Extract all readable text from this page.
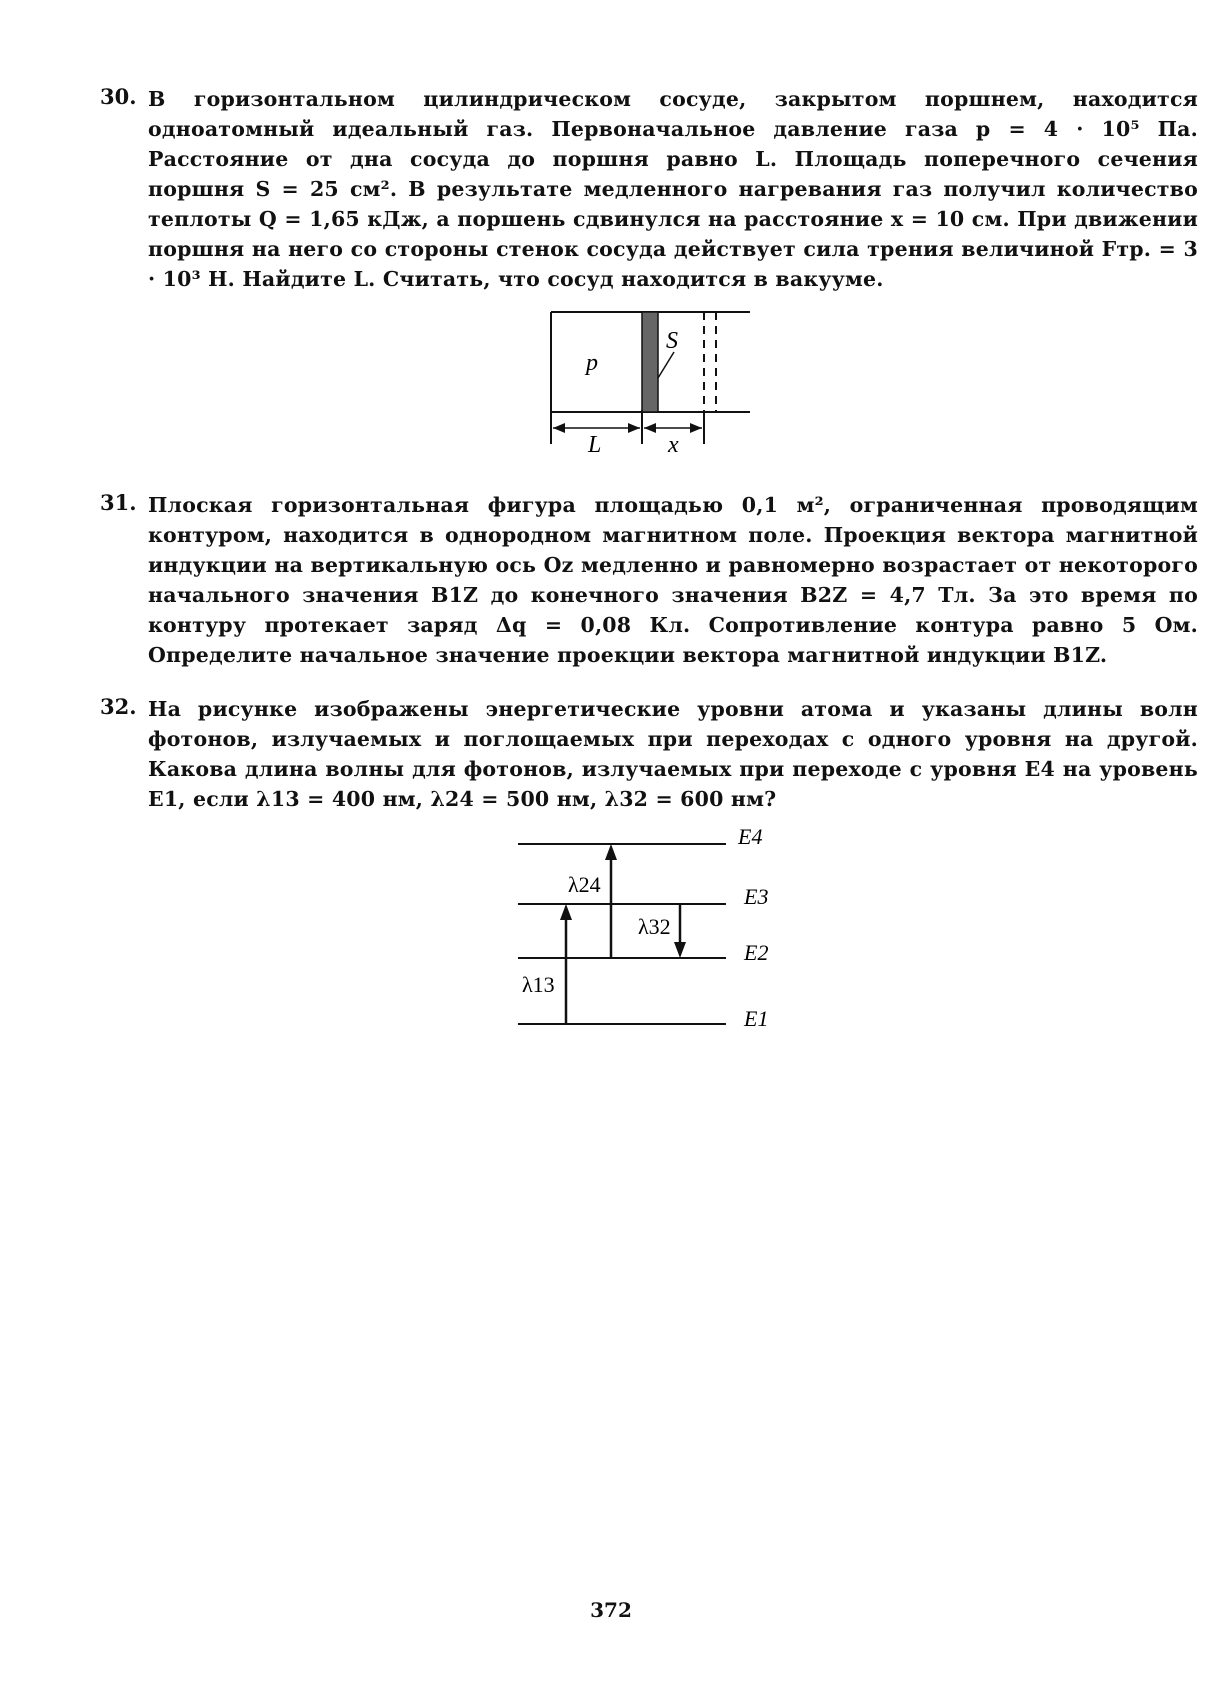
30. В горизонтальном цилиндрическом сосуде, закрытом поршнем, находится одноатомный идеальный газ. Первоначальное давление газа p = 4 · 10⁵ Па. Расстояние от дна сосуда до поршня равно L. Площадь поперечного сечения поршня S = 25 см². В результате медленного нагревания газ получил количество теплоты Q = 1,65 кДж, а поршень сдвинулся на расстояние x = 10 см. При движении поршня на него со стороны стенок сосуда действует сила трения величиной Fтр. = 3 · 10³ Н. Найдите L. Считать, что сосуд находится в вакууме.
p
S
L	x
31. Плоская горизонтальная фигура площадью 0,1 м², ограниченная проводящим контуром, находится в однородном магнитном поле. Проекция вектора магнитной индукции на вертикальную ось Oz медленно и равномерно возрастает от некоторого начального значения B1Z до конечного значения B2Z = 4,7 Тл. За это время по контуру протекает заряд Δq = 0,08 Кл. Сопротивление контура равно 5 Ом. Определите начальное значение проекции вектора магнитной индукции B1Z.
32. На рисунке изображены энергетические уровни атома и указаны длины волн фотонов, излучаемых и поглощаемых при переходах с одного уровня на другой. Какова длина волны для фотонов, излучаемых при переходе с уровня E4 на уровень E1, если λ13 = 400 нм, λ24 = 500 нм, λ32 = 600 нм?
E4
E3
E2
E1
λ24
λ32
λ13
372
